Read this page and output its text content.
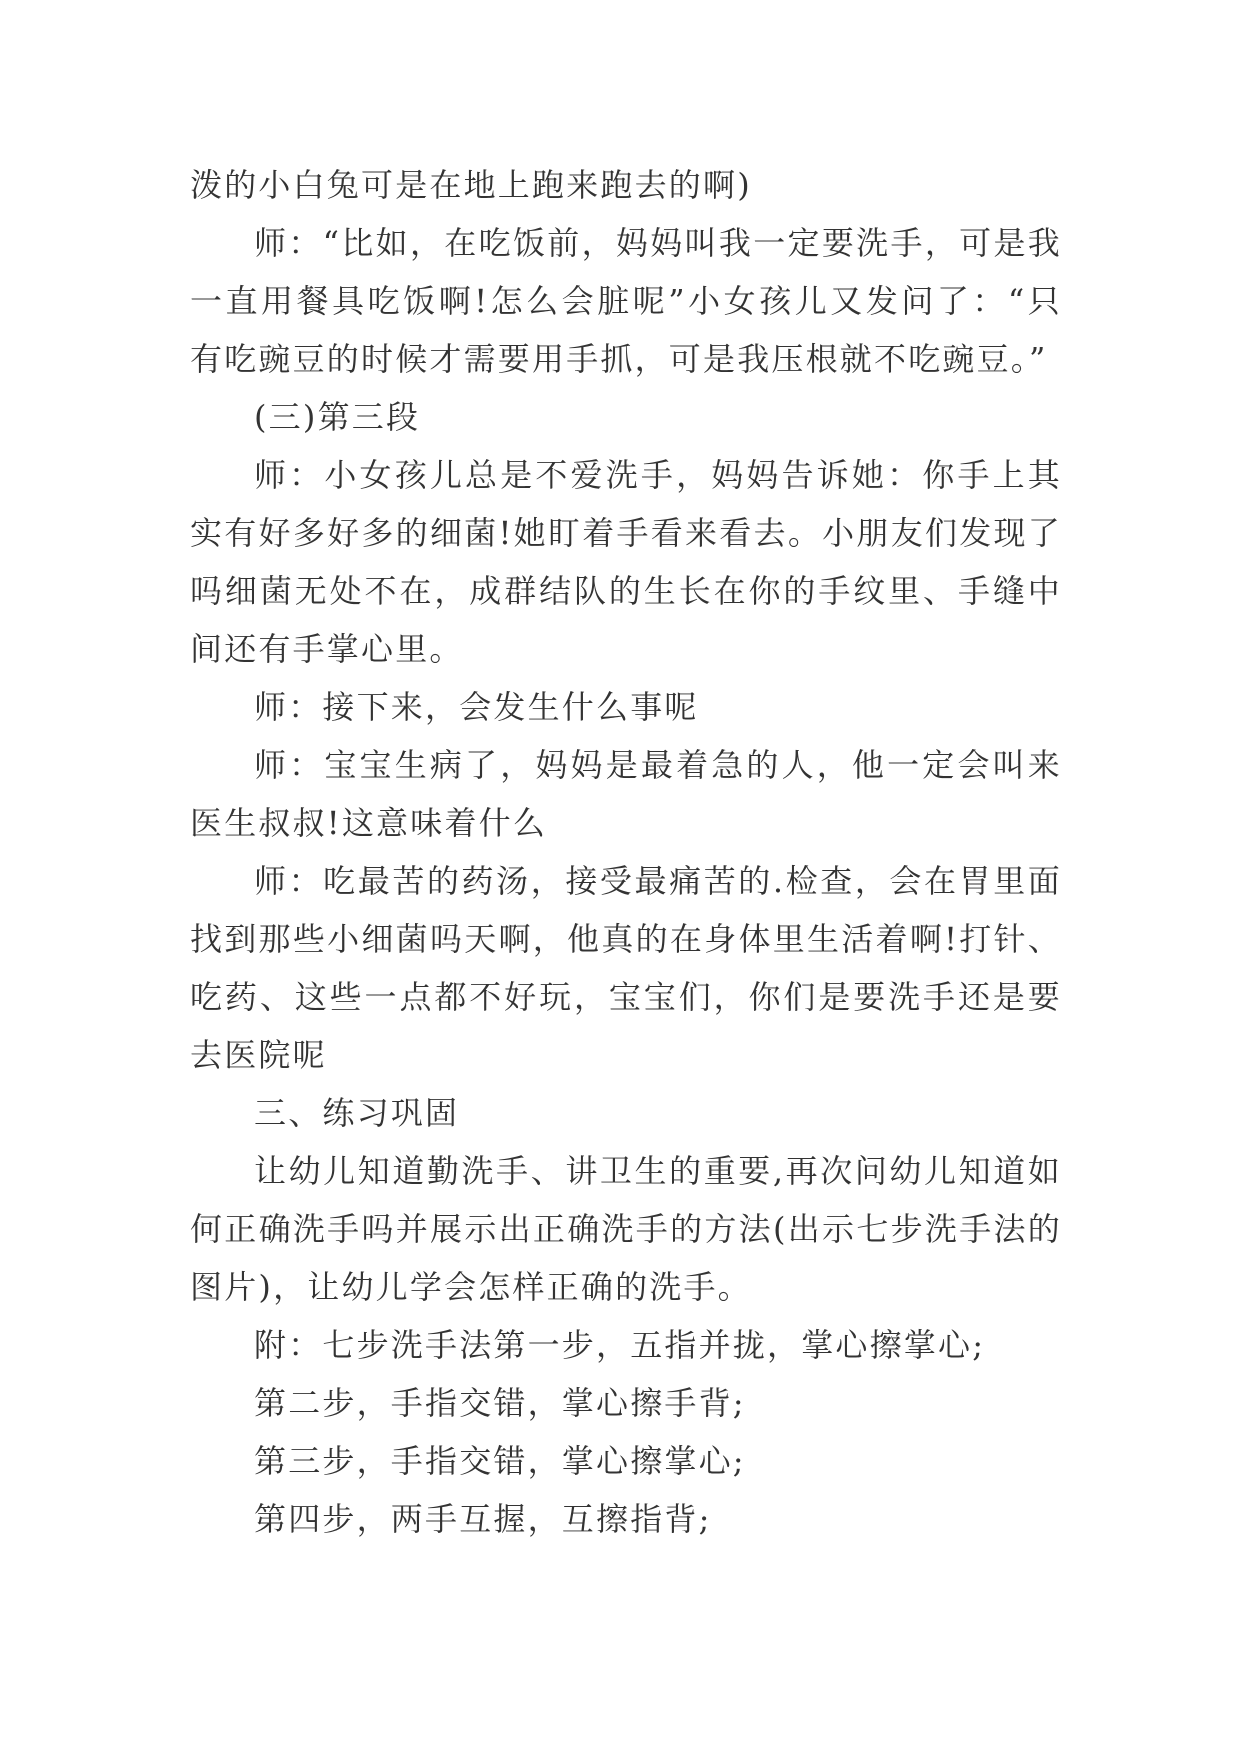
泼的小白兔可是在地上跑来跑去的啊)

师：“比如，在吃饭前，妈妈叫我一定要洗手，可是我一直用餐具吃饭啊!怎么会脏呢”小女孩儿又发问了：“只有吃豌豆的时候才需要用手抓，可是我压根就不吃豌豆。”

(三)第三段

师：小女孩儿总是不爱洗手，妈妈告诉她：你手上其实有好多好多的细菌!她盯着手看来看去。小朋友们发现了吗细菌无处不在，成群结队的生长在你的手纹里、手缝中间还有手掌心里。

师：接下来，会发生什么事呢

师：宝宝生病了，妈妈是最着急的人，他一定会叫来医生叔叔!这意味着什么

师：吃最苦的药汤，接受最痛苦的.检查，会在胃里面找到那些小细菌吗天啊，他真的在身体里生活着啊!打针、吃药、这些一点都不好玩，宝宝们，你们是要洗手还是要去医院呢

三、练习巩固

让幼儿知道勤洗手、讲卫生的重要,再次问幼儿知道如何正确洗手吗并展示出正确洗手的方法(出示七步洗手法的图片)，让幼儿学会怎样正确的洗手。

附：七步洗手法第一步，五指并拢，掌心擦掌心;

第二步，手指交错，掌心擦手背;

第三步，手指交错，掌心擦掌心;

第四步，两手互握，互擦指背;
